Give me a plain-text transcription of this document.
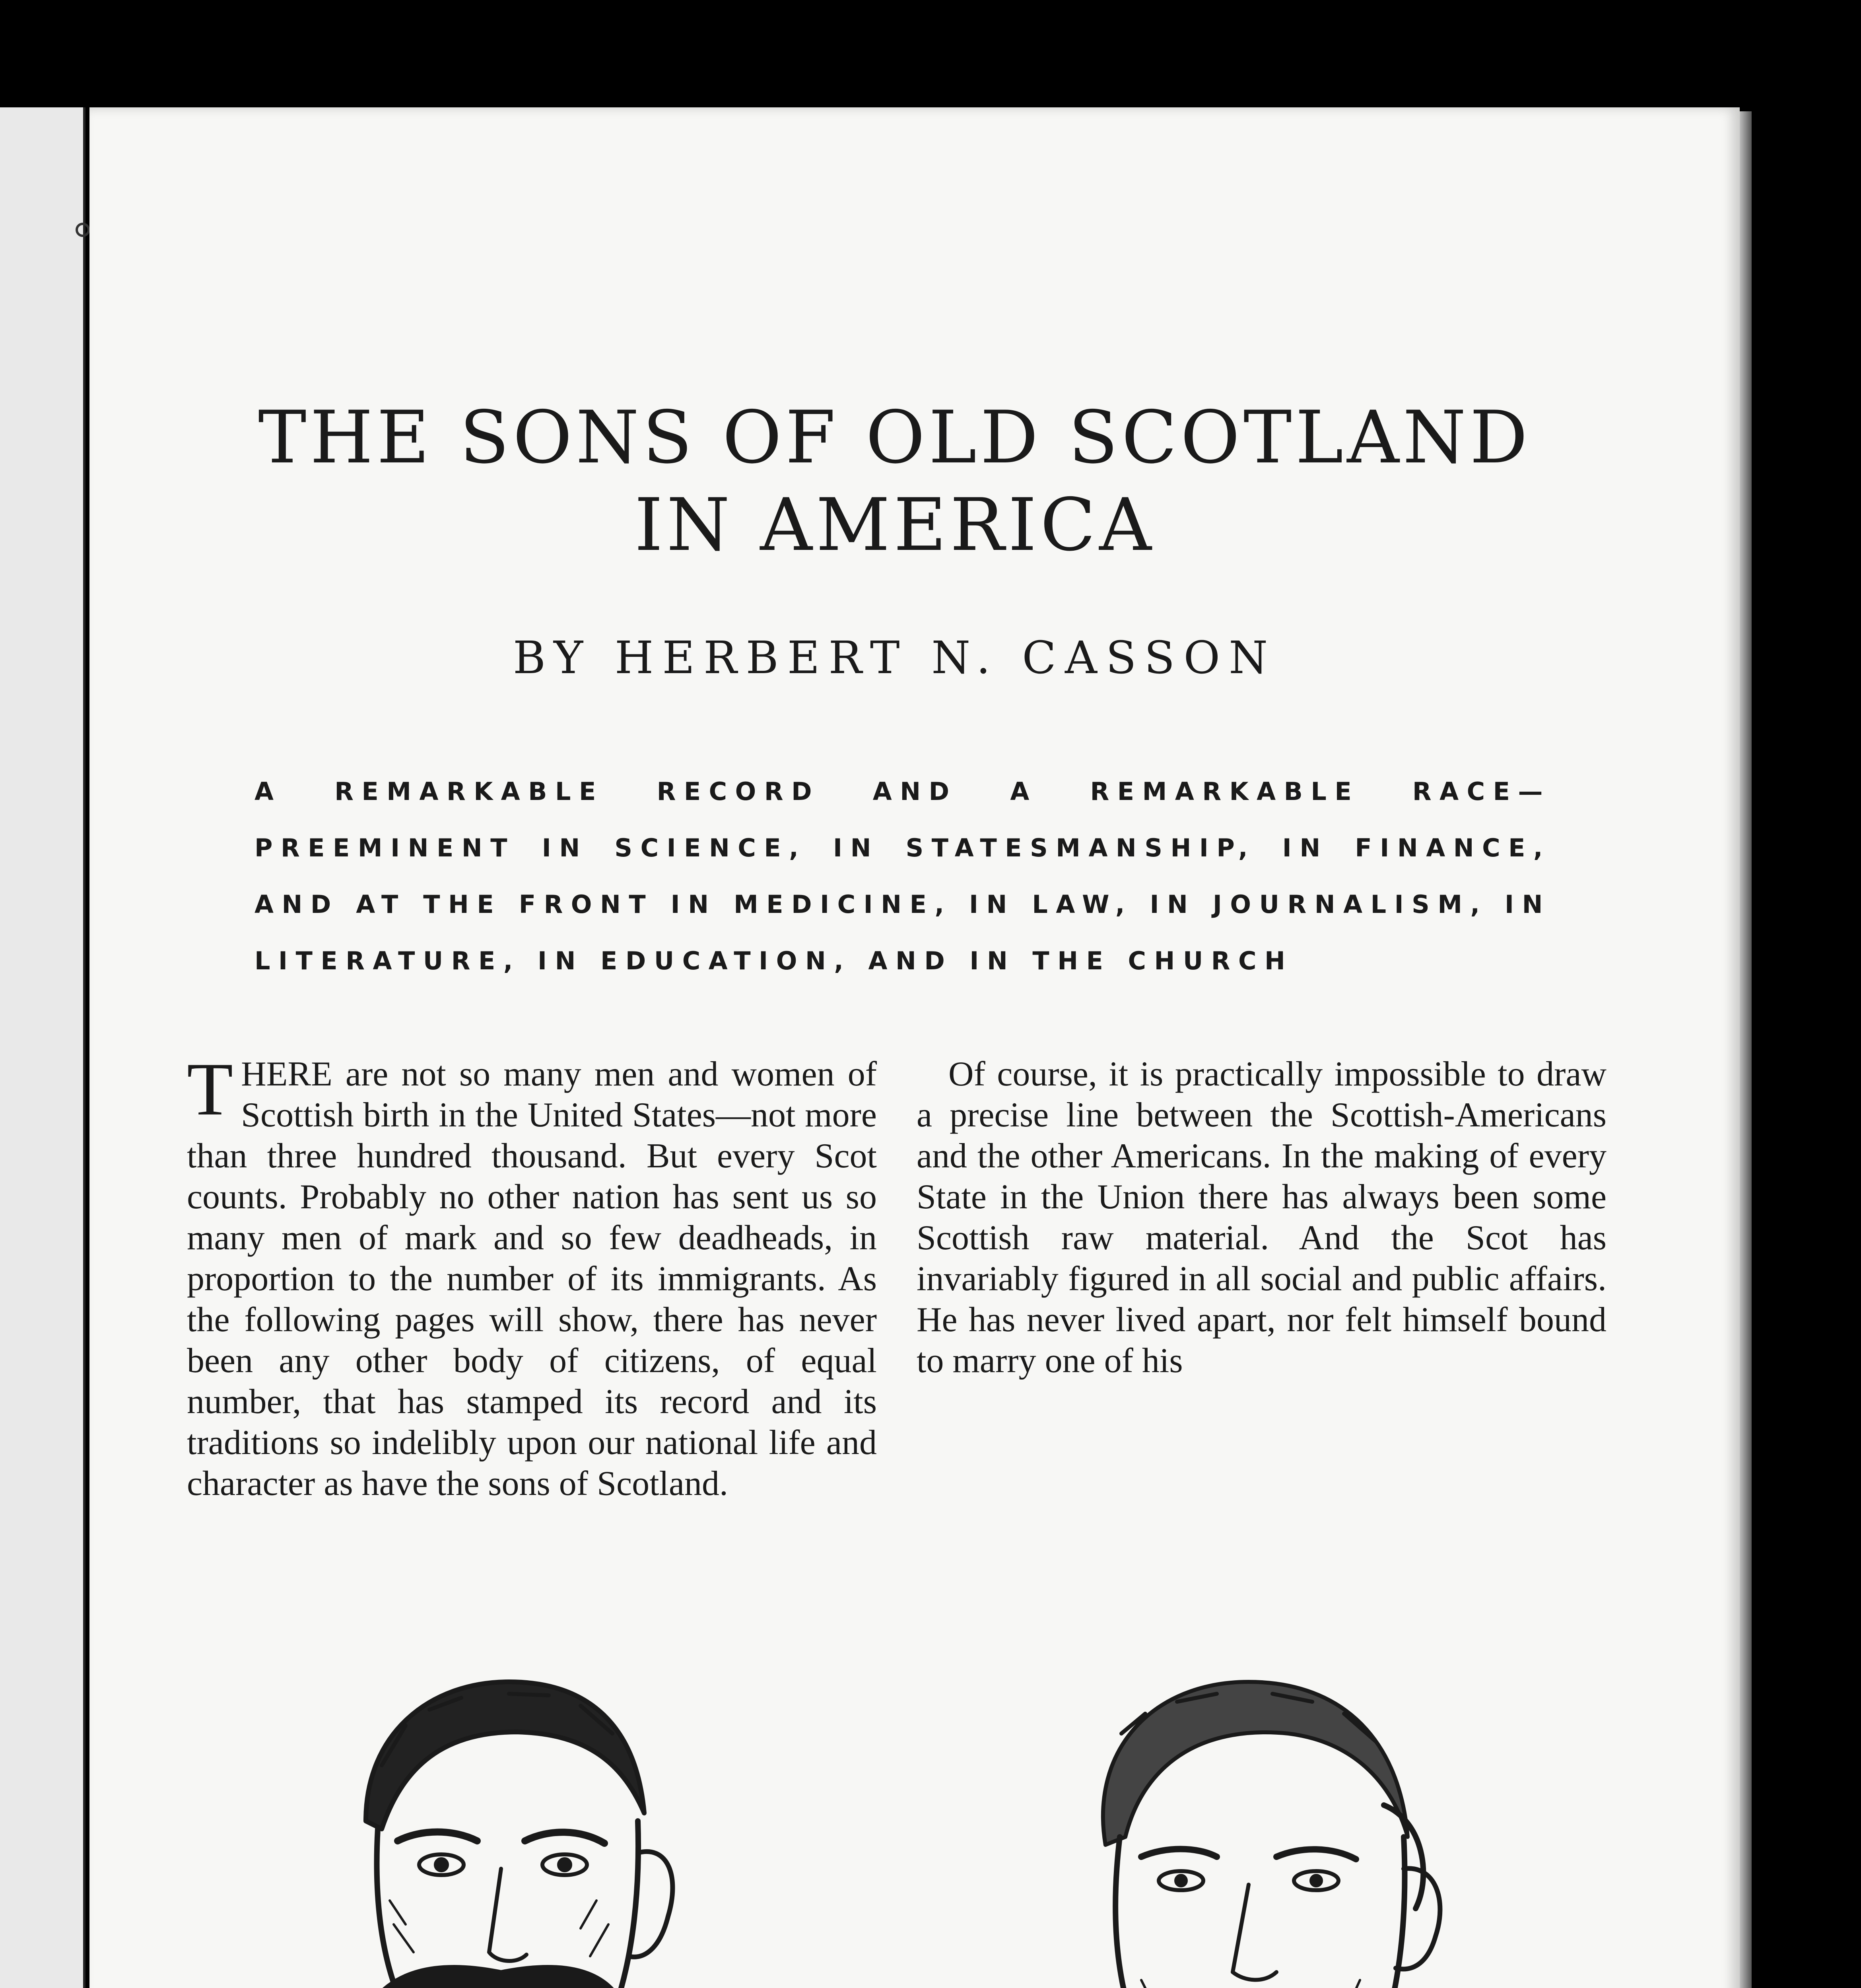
THE SONS OF OLD SCOTLAND
IN AMERICA
BY HERBERT N. CASSON
A REMARKABLE RECORD AND A REMARKABLE RACE—PREEMINENT IN SCIENCE, IN STATESMANSHIP, IN FINANCE, AND AT THE FRONT IN MEDICINE, IN LAW, IN JOURNALISM, IN LITERATURE, IN EDUCATION, AND IN THE CHURCH

THERE are not so many men and women of Scottish birth in the United States—not more than three hundred thousand. But every Scot counts. Probably no other nation has sent us so many men of mark and so few deadheads, in proportion to the number of its immigrants. As the following pages will show, there has never been any other body of citizens, of equal number, that has stamped its record and its traditions so indelibly upon our national life and character as have the sons of Scotland.

Of course, it is practically impossible to draw a precise line between the Scottish-Americans and the other Americans. In the making of every State in the Union there has always been some Scottish raw material. And the Scot has invariably figured in all social and public affairs. He has never lived apart, nor felt himself bound to marry one of his
